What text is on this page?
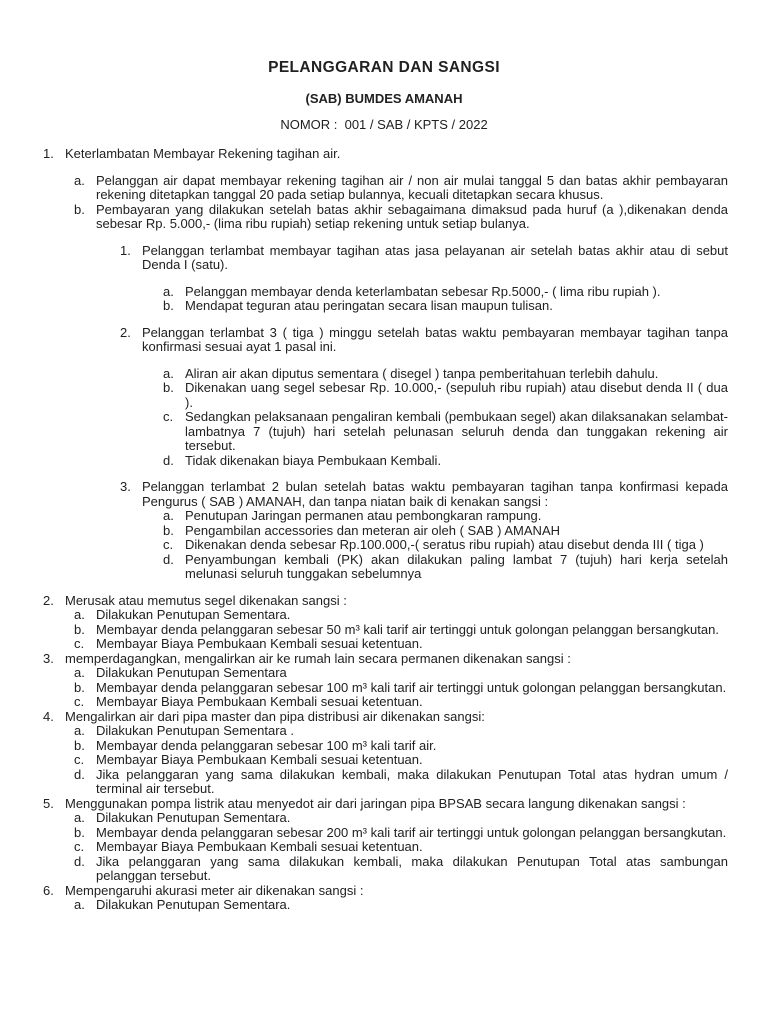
PELANGGARAN DAN SANGSI
(SAB) BUMDES AMANAH
NOMOR :  001 / SAB / KPTS / 2022
1. Keterlambatan Membayar Rekening tagihan air.
a. Pelanggan air dapat membayar rekening tagihan air / non air mulai tanggal 5 dan batas akhir pembayaran rekening ditetapkan tanggal 20 pada setiap bulannya, kecuali ditetapkan secara khusus.
b. Pembayaran yang dilakukan setelah batas akhir sebagaimana dimaksud pada huruf (a ),dikenakan denda sebesar Rp. 5.000,- (lima ribu rupiah) setiap rekening untuk setiap bulanya.
1. Pelanggan terlambat membayar tagihan atas jasa pelayanan air setelah batas akhir atau di sebut Denda I (satu).
a. Pelanggan membayar denda keterlambatan sebesar Rp.5000,- ( lima ribu rupiah ).
b. Mendapat teguran atau peringatan secara lisan maupun tulisan.
2. Pelanggan terlambat 3 ( tiga ) minggu setelah batas waktu pembayaran membayar tagihan tanpa konfirmasi sesuai ayat 1 pasal ini.
a. Aliran air akan diputus sementara ( disegel ) tanpa pemberitahuan terlebih dahulu.
b. Dikenakan uang segel sebesar Rp. 10.000,- (sepuluh ribu rupiah) atau disebut denda II ( dua ).
c. Sedangkan pelaksanaan pengaliran kembali (pembukaan segel) akan dilaksanakan selambat-lambatnya 7 (tujuh) hari setelah pelunasan seluruh denda dan tunggakan rekening air tersebut.
d. Tidak dikenakan biaya Pembukaan Kembali.
3. Pelanggan terlambat 2 bulan setelah batas waktu pembayaran tagihan tanpa konfirmasi kepada Pengurus ( SAB ) AMANAH, dan tanpa niatan baik di kenakan sangsi :
a. Penutupan Jaringan permanen atau pembongkaran rampung.
b. Pengambilan accessories dan meteran air oleh ( SAB ) AMANAH
c. Dikenakan denda sebesar Rp.100.000,-( seratus ribu rupiah) atau disebut denda III ( tiga )
d. Penyambungan kembali (PK) akan dilakukan paling lambat 7 (tujuh) hari kerja setelah melunasi seluruh tunggakan sebelumnya
2. Merusak atau memutus segel dikenakan sangsi :
a. Dilakukan Penutupan Sementara.
b. Membayar denda pelanggaran sebesar 50 m³ kali tarif air tertinggi untuk golongan pelanggan bersangkutan.
c. Membayar Biaya Pembukaan Kembali sesuai ketentuan.
3. memperdagangkan, mengalirkan air ke rumah lain secara permanen dikenakan sangsi :
a. Dilakukan Penutupan Sementara
b. Membayar denda pelanggaran sebesar 100 m³ kali tarif air tertinggi untuk golongan pelanggan bersangkutan.
c. Membayar Biaya Pembukaan Kembali sesuai ketentuan.
4. Mengalirkan air dari pipa master dan pipa distribusi air dikenakan sangsi:
a. Dilakukan Penutupan Sementara .
b. Membayar denda pelanggaran sebesar 100 m³ kali tarif air.
c. Membayar Biaya Pembukaan Kembali sesuai ketentuan.
d. Jika pelanggaran yang sama dilakukan kembali, maka dilakukan Penutupan Total atas hydran umum / terminal air tersebut.
5. Menggunakan pompa listrik atau menyedot air dari jaringan pipa BPSAB secara langung dikenakan sangsi :
a. Dilakukan Penutupan Sementara.
b. Membayar denda pelanggaran sebesar 200 m³ kali tarif air tertinggi untuk golongan pelanggan bersangkutan.
c. Membayar Biaya Pembukaan Kembali sesuai ketentuan.
d. Jika pelanggaran yang sama dilakukan kembali, maka dilakukan Penutupan Total atas sambungan pelanggan tersebut.
6. Mempengaruhi akurasi meter air dikenakan sangsi :
a. Dilakukan Penutupan Sementara.
